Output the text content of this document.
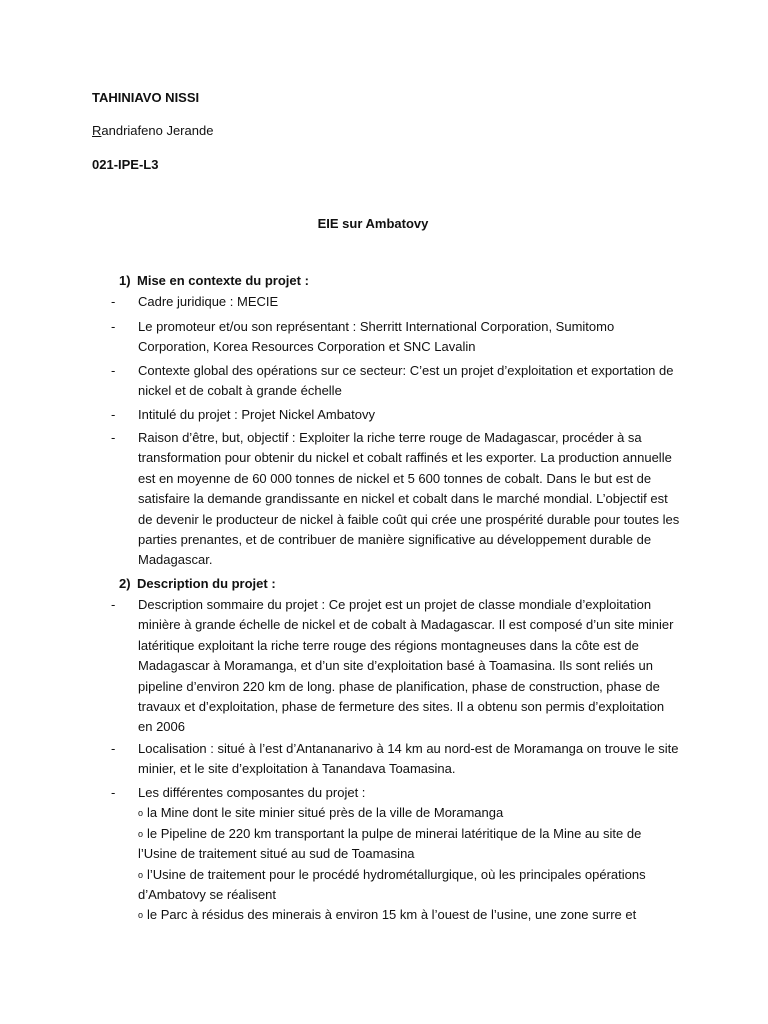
TAHINIAVO NISSI
Randriafeno Jerande
021-IPE-L3
EIE sur Ambatovy
1) Mise en contexte du projet :
- Cadre juridique : MECIE
- Le promoteur et/ou son représentant : Sherritt International Corporation, Sumitomo Corporation, Korea Resources Corporation et SNC Lavalin
- Contexte global des opérations sur ce secteur: C’est un projet d’exploitation et exportation de nickel et de cobalt à grande échelle
- Intitulé du projet : Projet Nickel Ambatovy
- Raison d’être, but, objectif : Exploiter la riche terre rouge de Madagascar, procéder à sa transformation pour obtenir du nickel et cobalt raffinés et les exporter. La production annuelle est en moyenne de 60 000 tonnes de nickel et 5 600 tonnes de cobalt. Dans le but est de satisfaire la demande grandissante en nickel et cobalt dans le marché mondial. L’objectif est de devenir le producteur de nickel à faible coût qui crée une prospérité durable pour toutes les parties prenantes, et de contribuer de manière significative au développement durable de Madagascar.
2) Description du projet :
- Description sommaire du projet : Ce projet est un projet de classe mondiale d’exploitation minière à grande échelle de nickel et de cobalt à Madagascar. Il est composé d’un site minier latéritique exploitant la riche terre rouge des régions montagneuses dans la côte est de Madagascar à Moramanga, et d’un site d’exploitation basé à Toamasina. Ils sont reliés un pipeline d’environ 220 km de long. phase de planification, phase de construction, phase de travaux et d’exploitation, phase de fermeture des sites. Il a obtenu son permis d’exploitation en 2006
- Localisation : situé à l’est d’Antananarivo à 14 km au nord-est de Moramanga on trouve le site minier, et le site d’exploitation à Tanandava Toamasina.
- Les différentes composantes du projet :
o la Mine dont le site minier situé près de la ville de Moramanga
o le Pipeline de 220 km transportant la pulpe de minerai latéritique de la Mine au site de l’Usine de traitement situé au sud de Toamasina
o l’Usine de traitement pour le procédé hydrométallurgique, où les principales opérations d’Ambatovy se réalisent
o le Parc à résidus des minerais à environ 15 km à l’ouest de l’usine, une zone surre et
